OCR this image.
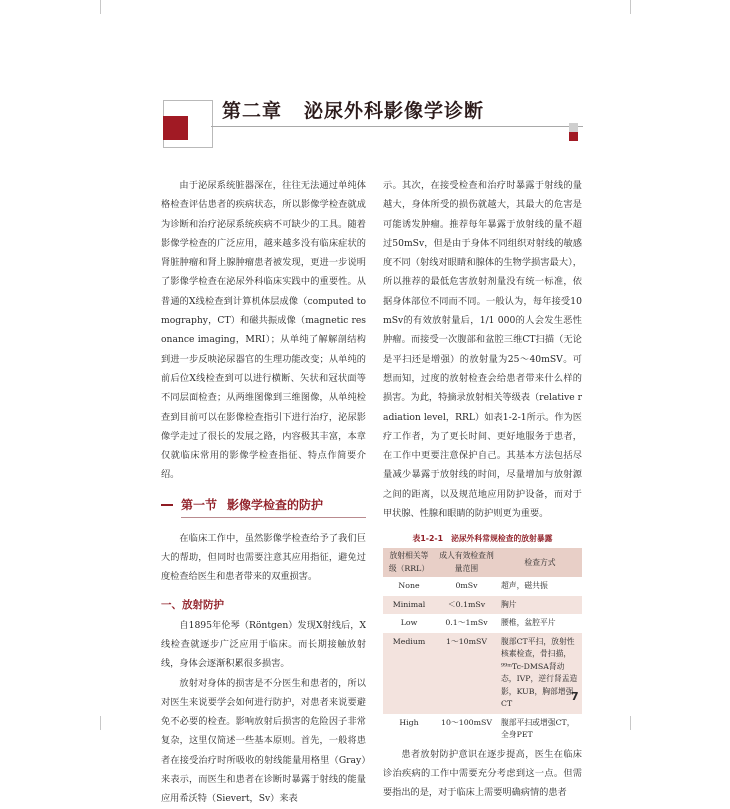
第二章 泌尿外科影像学诊断

由于泌尿系统脏器深在，往往无法通过单纯体格检查评估患者的疾病状态，所以影像学检查就成为诊断和治疗泌尿系统疾病不可缺少的工具。随着影像学检查的广泛应用，越来越多没有临床症状的肾脏肿瘤和肾上腺肿瘤患者被发现，更进一步说明了影像学检查在泌尿外科临床实践中的重要性。从普通的X线检查到计算机体层成像（computed tomography，CT）和磁共振成像（magnetic resonance imaging，MRI）；从单纯了解解剖结构到进一步反映泌尿器官的生理功能改变；从单纯的前后位X线检查到可以进行横断、矢状和冠状面等不同层面检查；从两维图像到三维图像，从单纯检查到目前可以在影像检查指引下进行治疗，泌尿影像学走过了很长的发展之路，内容极其丰富，本章仅就临床常用的影像学检查指征、特点作简要介绍。

第一节 影像学检查的防护

在临床工作中，虽然影像学检查给予了我们巨大的帮助，但同时也需要注意其应用指征，避免过度检查给医生和患者带来的双重损害。

一、放射防护

自1895年伦琴（Röntgen）发现X射线后，X线检查就逐步广泛应用于临床。而长期接触放射线，身体会逐渐积累很多损害。

放射对身体的损害是不分医生和患者的，所以对医生来说要学会如何进行防护，对患者来说要避免不必要的检查。影响放射后损害的危险因子非常复杂，这里仅简述一些基本原则。首先，一般将患者在接受治疗时所吸收的射线能量用格里（Gray）来表示，而医生和患者在诊断时暴露于射线的能量应用希沃特（Sievert，Sv）来表

示。其次，在接受检查和治疗时暴露于射线的量越大，身体所受的损伤就越大，其最大的危害是可能诱发肿瘤。推荐每年暴露于放射线的量不超过50mSv，但是由于身体不同组织对射线的敏感度不同（射线对眼睛和腺体的生物学损害最大），所以推荐的最低危害放射剂量没有统一标准，依据身体部位不同而不同。一般认为，每年接受10mSv的有效放射量后，1/1 000的人会发生恶性肿瘤。而接受一次腹部和盆腔三维CT扫描（无论是平扫还是增强）的放射量为25～40mSV。可想而知，过度的放射检查会给患者带来什么样的损害。为此，特摘录放射相关等级表（relative radiation level，RRL）如表1-2-1所示。作为医疗工作者，为了更长时间、更好地服务于患者，在工作中更要注意保护自己。其基本方法包括尽量减少暴露于放射线的时间，尽量增加与放射源之间的距离，以及规范地应用防护设备，而对于甲状腺、性腺和眼睛的防护则更为重要。

表1-2-1 泌尿外科常规检查的放射暴露
放射相关等级（RRL）	成人有效检查剂量范围	检查方式
None	0mSv	超声，磁共振
Minimal	＜0.1mSv	胸片
Low	0.1～1mSv	腰椎，盆腔平片
Medium	1～10mSV	腹部CT平扫，放射性核素检查，骨扫描，⁹⁹ᵐTc-DMSA肾动态，IVP，逆行肾盂造影，KUB，胸部增强CT
High	10～100mSV	腹部平扫或增强CT，全身PET

患者放射防护意识在逐步提高，医生在临床诊治疾病的工作中需要充分考虑到这一点。但需要指出的是，对于临床上需要明确病情的患者

7
